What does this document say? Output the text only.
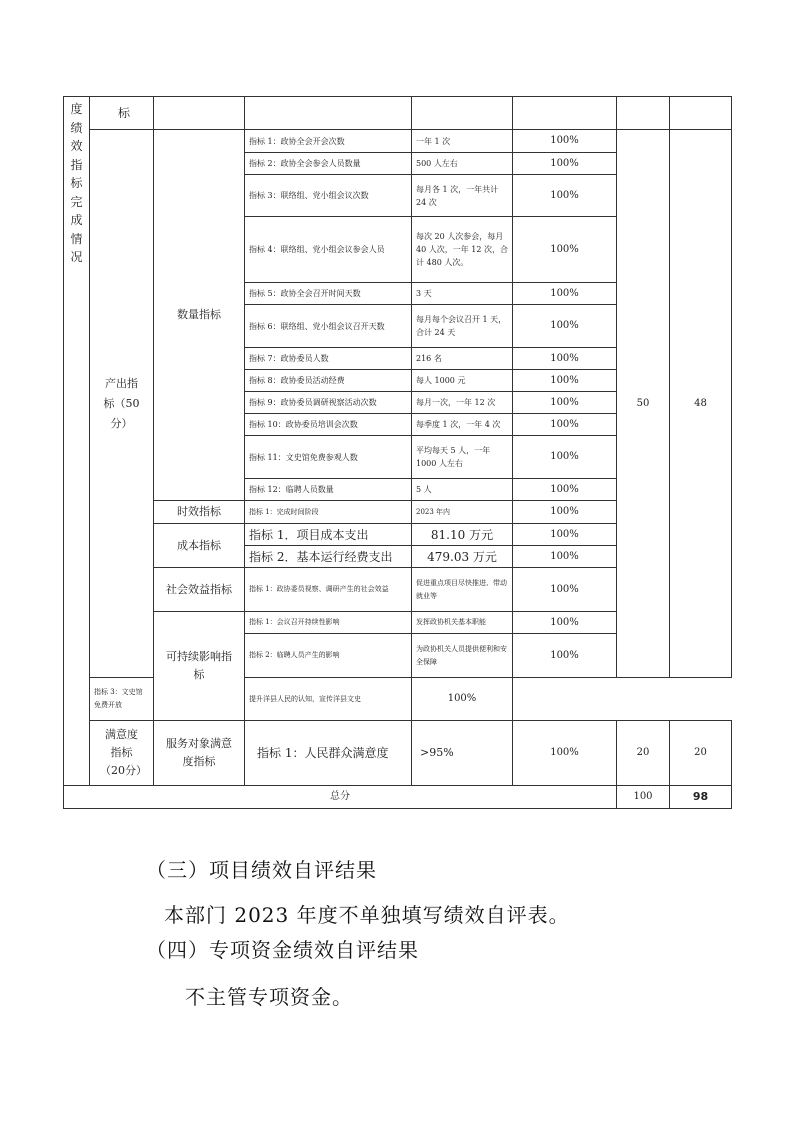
度绩效指标完成情况	标						
	产出指标（50分）	数量指标	指标 1：政协全会开会次数	一年 1 次	100%	50	48
			指标 2：政协全会参会人员数量	500 人左右	100%		
			指标 3：联络组、党小组会议次数	每月各 1 次，一年共计 24 次	100%		
			指标 4：联络组、党小组会议参会人员	每次 20 人次参会，每月 40 人次，一年 12 次，合计 480 人次。	100%		
			指标 5：政协全会召开时间天数	3 天	100%		
			指标 6：联络组、党小组会议召开天数	每月每个会议召开 1 天，合计 24 天	100%		
			指标 7：政协委员人数	216 名	100%		
			指标 8：政协委员活动经费	每人 1000 元	100%		
			指标 9：政协委员调研视察活动次数	每月一次，一年 12 次	100%		
			指标 10：政协委员培训会次数	每季度 1 次，一年 4 次	100%		
			指标 11：文史馆免费参观人数	平均每天 5 人，一年 1000 人左右	100%		
			指标 12：临聘人员数量	5 人	100%		
		时效指标	指标 1：完成时间阶段	2023 年内	100%		
		成本指标	指标 1．项目成本支出	81.10 万元	100%		
			指标 2．基本运行经费支出	479.03 万元	100%		
		社会效益指标	指标 1：政协委员视察、调研产生的社会效益	促进重点项目尽快推进、带动就业等	100%		
		可持续影响指标	指标 1：会议召开持续性影响	发挥政协机关基本职能	100%		
			指标 2：临聘人员产生的影响	为政协机关人员提供便利和安全保障	100%		
	指标 3：文史馆免费开放		提升洋县人民的认知，宣传洋县文史	100%			
	满意度指标（20分）	服务对象满意度指标	指标 1：人民群众满意度	>95%	100%	20	20
总分						100	98

（三）项目绩效自评结果

本部门 2023 年度不单独填写绩效自评表。

（四）专项资金绩效自评结果

不主管专项资金。
